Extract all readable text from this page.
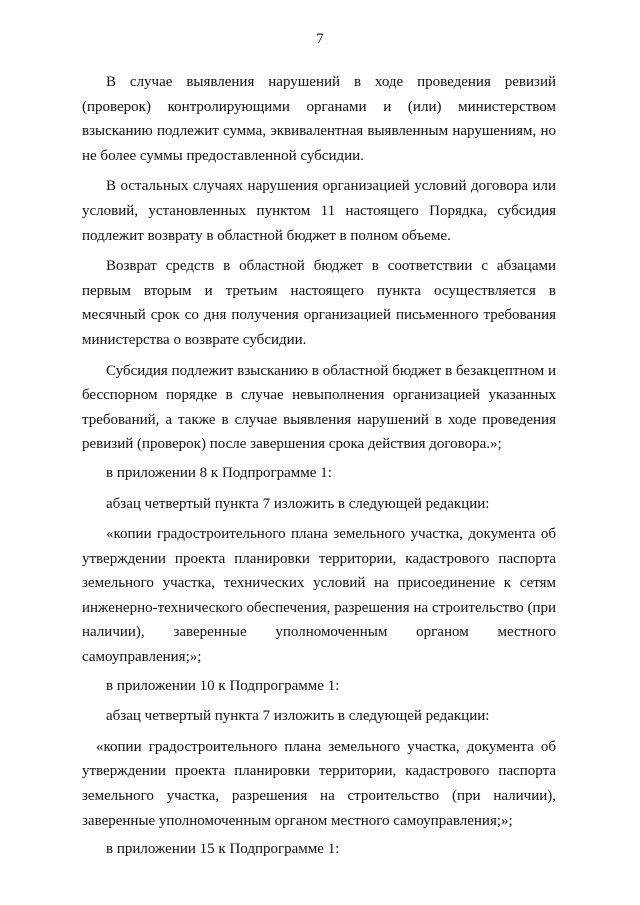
7

В случае выявления нарушений в ходе проведения ревизий (проверок) контролирующими органами и (или) министерством взысканию подлежит сумма, эквивалентная выявленным нарушениям, но не более суммы предоставленной субсидии.

В остальных случаях нарушения организацией условий договора или условий, установленных пунктом 11 настоящего Порядка, субсидия подлежит возврату в областной бюджет в полном объеме.

Возврат средств в областной бюджет в соответствии с абзацами первым вторым и третьим настоящего пункта осуществляется в месячный срок со дня получения организацией письменного требования министерства о возврате субсидии.

Субсидия подлежит взысканию в областной бюджет в безакцептном и бесспорном порядке в случае невыполнения организацией указанных требований, а также в случае выявления нарушений в ходе проведения ревизий (проверок) после завершения срока действия договора.»;

в приложении 8 к Подпрограмме 1:

абзац четвертый пункта 7 изложить в следующей редакции:

«копии градостроительного плана земельного участка, документа об утверждении проекта планировки территории, кадастрового паспорта земельного участка, технических условий на присоединение к сетям инженерно-технического обеспечения, разрешения на строительство (при наличии), заверенные уполномоченным органом местного самоуправления;»;

в приложении 10 к Подпрограмме 1:

абзац четвертый пункта 7 изложить в следующей редакции:

«копии градостроительного плана земельного участка, документа об утверждении проекта планировки территории, кадастрового паспорта земельного участка, разрешения на строительство (при наличии), заверенные уполномоченным органом местного самоуправления;»;

в приложении 15 к Подпрограмме 1:
